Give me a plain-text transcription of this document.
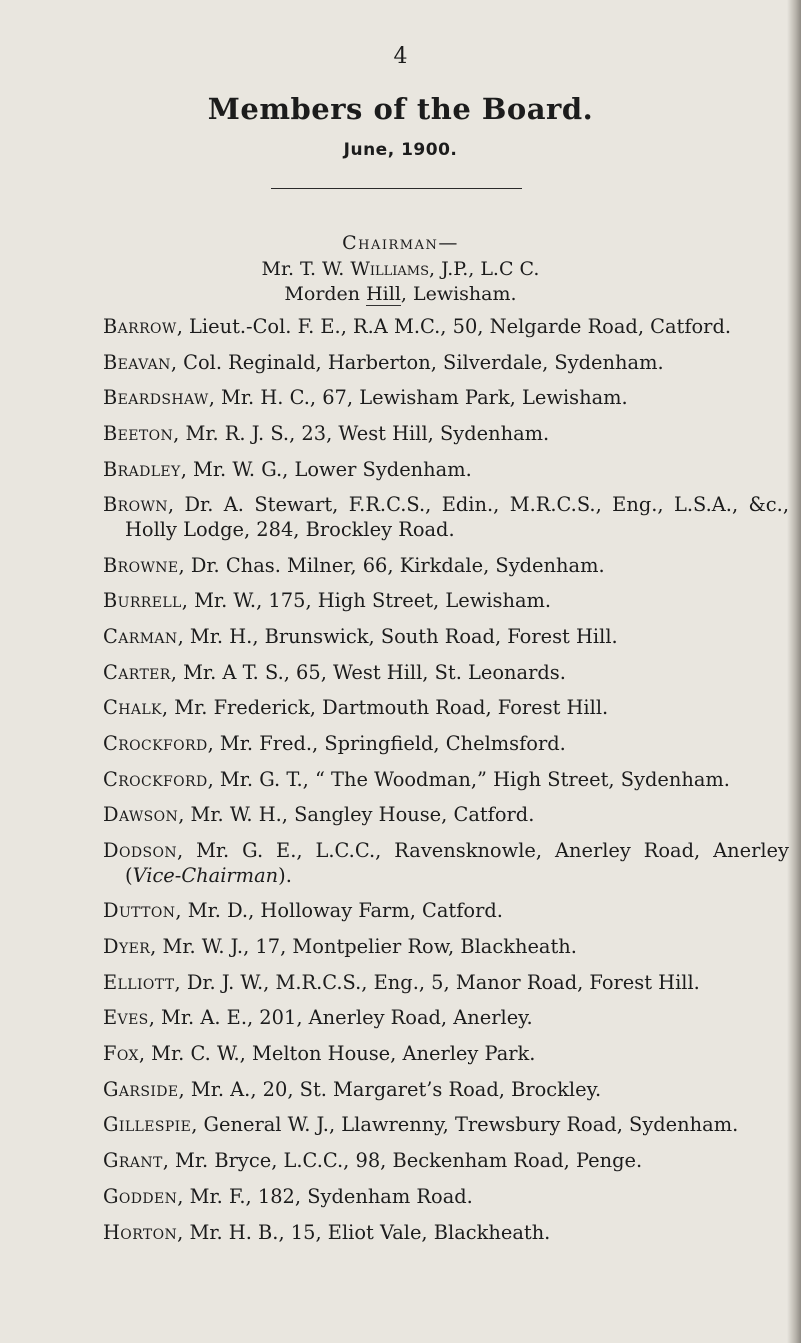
4
Members of the Board.
June, 1900.
Chairman—
Mr. T. W. Williams, J.P., L.C C.
Morden Hill, Lewisham.
Barrow, Lieut.-Col. F. E., R.A M.C., 50, Nelgarde Road, Catford.
Beavan, Col. Reginald, Harberton, Silverdale, Sydenham.
Beardshaw, Mr. H. C., 67, Lewisham Park, Lewisham.
Beeton, Mr. R. J. S., 23, West Hill, Sydenham.
Bradley, Mr. W. G., Lower Sydenham.
Brown, Dr. A. Stewart, F.R.C.S., Edin., M.R.C.S., Eng., L.S.A., &c., Holly Lodge, 284, Brockley Road.
Browne, Dr. Chas. Milner, 66, Kirkdale, Sydenham.
Burrell, Mr. W., 175, High Street, Lewisham.
Carman, Mr. H., Brunswick, South Road, Forest Hill.
Carter, Mr. A T. S., 65, West Hill, St. Leonards.
Chalk, Mr. Frederick, Dartmouth Road, Forest Hill.
Crockford, Mr. Fred., Springfield, Chelmsford.
Crockford, Mr. G. T., “ The Woodman,” High Street, Sydenham.
Dawson, Mr. W. H., Sangley House, Catford.
Dodson, Mr. G. E., L.C.C., Ravensknowle, Anerley Road, Anerley (Vice-Chairman).
Dutton, Mr. D., Holloway Farm, Catford.
Dyer, Mr. W. J., 17, Montpelier Row, Blackheath.
Elliott, Dr. J. W., M.R.C.S., Eng., 5, Manor Road, Forest Hill.
Eves, Mr. A. E., 201, Anerley Road, Anerley.
Fox, Mr. C. W., Melton House, Anerley Park.
Garside, Mr. A., 20, St. Margaret’s Road, Brockley.
Gillespie, General W. J., Llawrenny, Trewsbury Road, Sydenham.
Grant, Mr. Bryce, L.C.C., 98, Beckenham Road, Penge.
Godden, Mr. F., 182, Sydenham Road.
Horton, Mr. H. B., 15, Eliot Vale, Blackheath.
